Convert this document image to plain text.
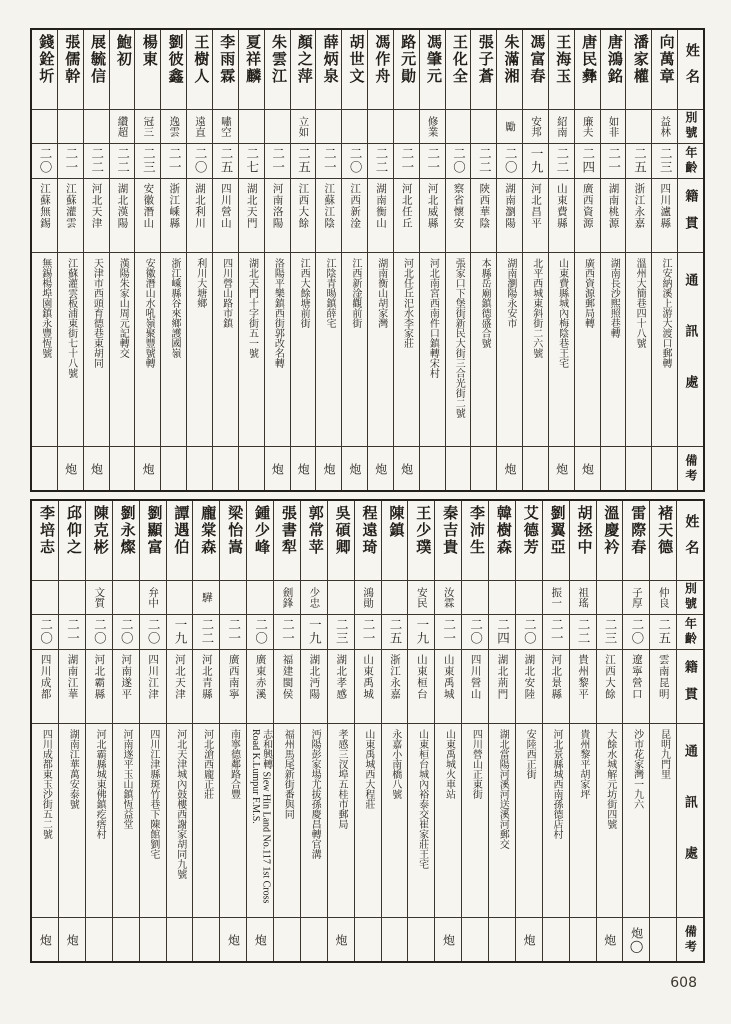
姓名
別號
年齡
籍貫
通訊處
備考
向萬章
益林
二三
四川瀘縣
江安納溪上游大渡口郵轉
潘家權
二五
浙江永嘉
溫州大簡巷四十八號
唐鴻銘
如非
二一
湖南桃源
湖南長沙熙照巷轉
唐民彝
廉夫
二四
廣西資源
廣西資源郵局轉
炮
王海玉
紹南
二二
山東費縣
山東費縣城內梅陰巷王宅
炮
馮富春
安邦
一九
河北昌平
北平西城東斜街二六號
朱滿湘
勵
二〇
湖南瀏陽
湖南瀏陽永安市
炮
張子蒼
二二
陝西華陰
本縣岳廟鎮德盛合號
王化全
二〇
察省懷安
張家口下堡街新民大街三合光街二號
馮肇元
修業
二一
河北威縣
河北南宮西南件口鎮轉宋村
路元勛
二一
河北任丘
河北任丘汜水李家莊
炮
馮作舟
二二
湖南衡山
湖南衡山胡家灣
炮
胡世文
二〇
江西新淦
江西新淦觀前街
炮
薛炳泉
二一
江蘇江陰
江陰青暘鎮薛宅
炮
顏之萍
立如
二五
江西大餘
江西大餘塘前街
炮
朱雲江
二一
河南洛陽
洛陽平樂鎮西街郭改名轉
炮
夏祥麟
二七
湖北天門
湖北天門十字街五一號
李雨霖
嘯空
二五
四川營山
四川營山路市鎮
王樹人
遠直
二〇
湖北利川
利川大塘鄉
劉彼鑫
逸雲
二一
浙江嵊縣
浙江嵊縣谷來鄉護國嶺
楊東
冠三
二三
安徽潛山
安徽潛山水吼嶺聚豐號轉
炮
鮑初
纘超
二二
湖北漢陽
漢陽朱家山周元記轉交
展毓信
二二
河北天津
天津市西頭育德巷東胡同
炮
張儒幹
二一
江蘇灌雲
江蘇灌雲板浦東街七十八號
炮
錢銓圻
二〇
江蘇無錫
無錫楊埠園鎮永豐恆號
姓名
別號
年齡
籍貫
通訊處
備考
褚天德
仲良
二五
雲南昆明
昆明九門里
雷際春
子厚
二〇
遼寧營口
沙市花家灣一九六
炮◯
溫慶衿
二三
江西大餘
大餘水城解元坊街四號
炮
胡拯中
祖瑤
二二
貴州黎平
貴州黎平胡家坪
劉翼亞
振一
二一
河北景縣
河北景縣城西南孫德店村
艾德芳
二〇
湖北安陸
安陸西正街
炮
韓樹森
二四
湖北荊門
湖北當陽河溪河送溪河郵交
李沛生
二〇
四川營山
四川營山正東街
秦吉貴
汝霖
二一
山東禹城
山東禹城火車站
炮
王少璞
安民
一九
山東桓台
山東桓台城內裕泰交崔家莊王宅
陳鎮
二五
浙江永嘉
永嘉小南橋八號
程遠琦
鴻勛
二一
山東禹城
山東禹城西大程莊
吳碩卿
二三
湖北孝感
孝感三汊埠五桂市郵局
炮
郭常苹
少忠
一九
湖北沔陽
沔陽彭家場尤拔孫慶昌轉官溝
張書犁
劍鋒
二一
福建閩侯
福州馬尾新街番與同
鍾少峰
二〇
廣東赤溪
志和興轉 Siew Hin Land No.117 1st Cross Road K.Lumpur F.M.S.
炮
梁怡嵩
二一
廣西南寧
南寧德鄰路合豐
炮
龐棠森
驊
二二
河北青縣
河北滄西龐正莊
譚遇伯
一九
河北天津
河北天津城內鼓樓西謝家胡同九號
劉顯富
弁中
二〇
四川江津
四川江津縣斑竹巷下陳館劉宅
劉永燦
二〇
河南遂平
河南遂平玉山鎮恆益堂
陳克彬
文質
二〇
河北霸縣
河北霸縣城東佛鎮疙瘩村
邱仰之
二一
湖南江華
湖南江華萬安泰號
炮
李培志
二〇
四川成都
四川成都東玉沙街五二號
炮
608
